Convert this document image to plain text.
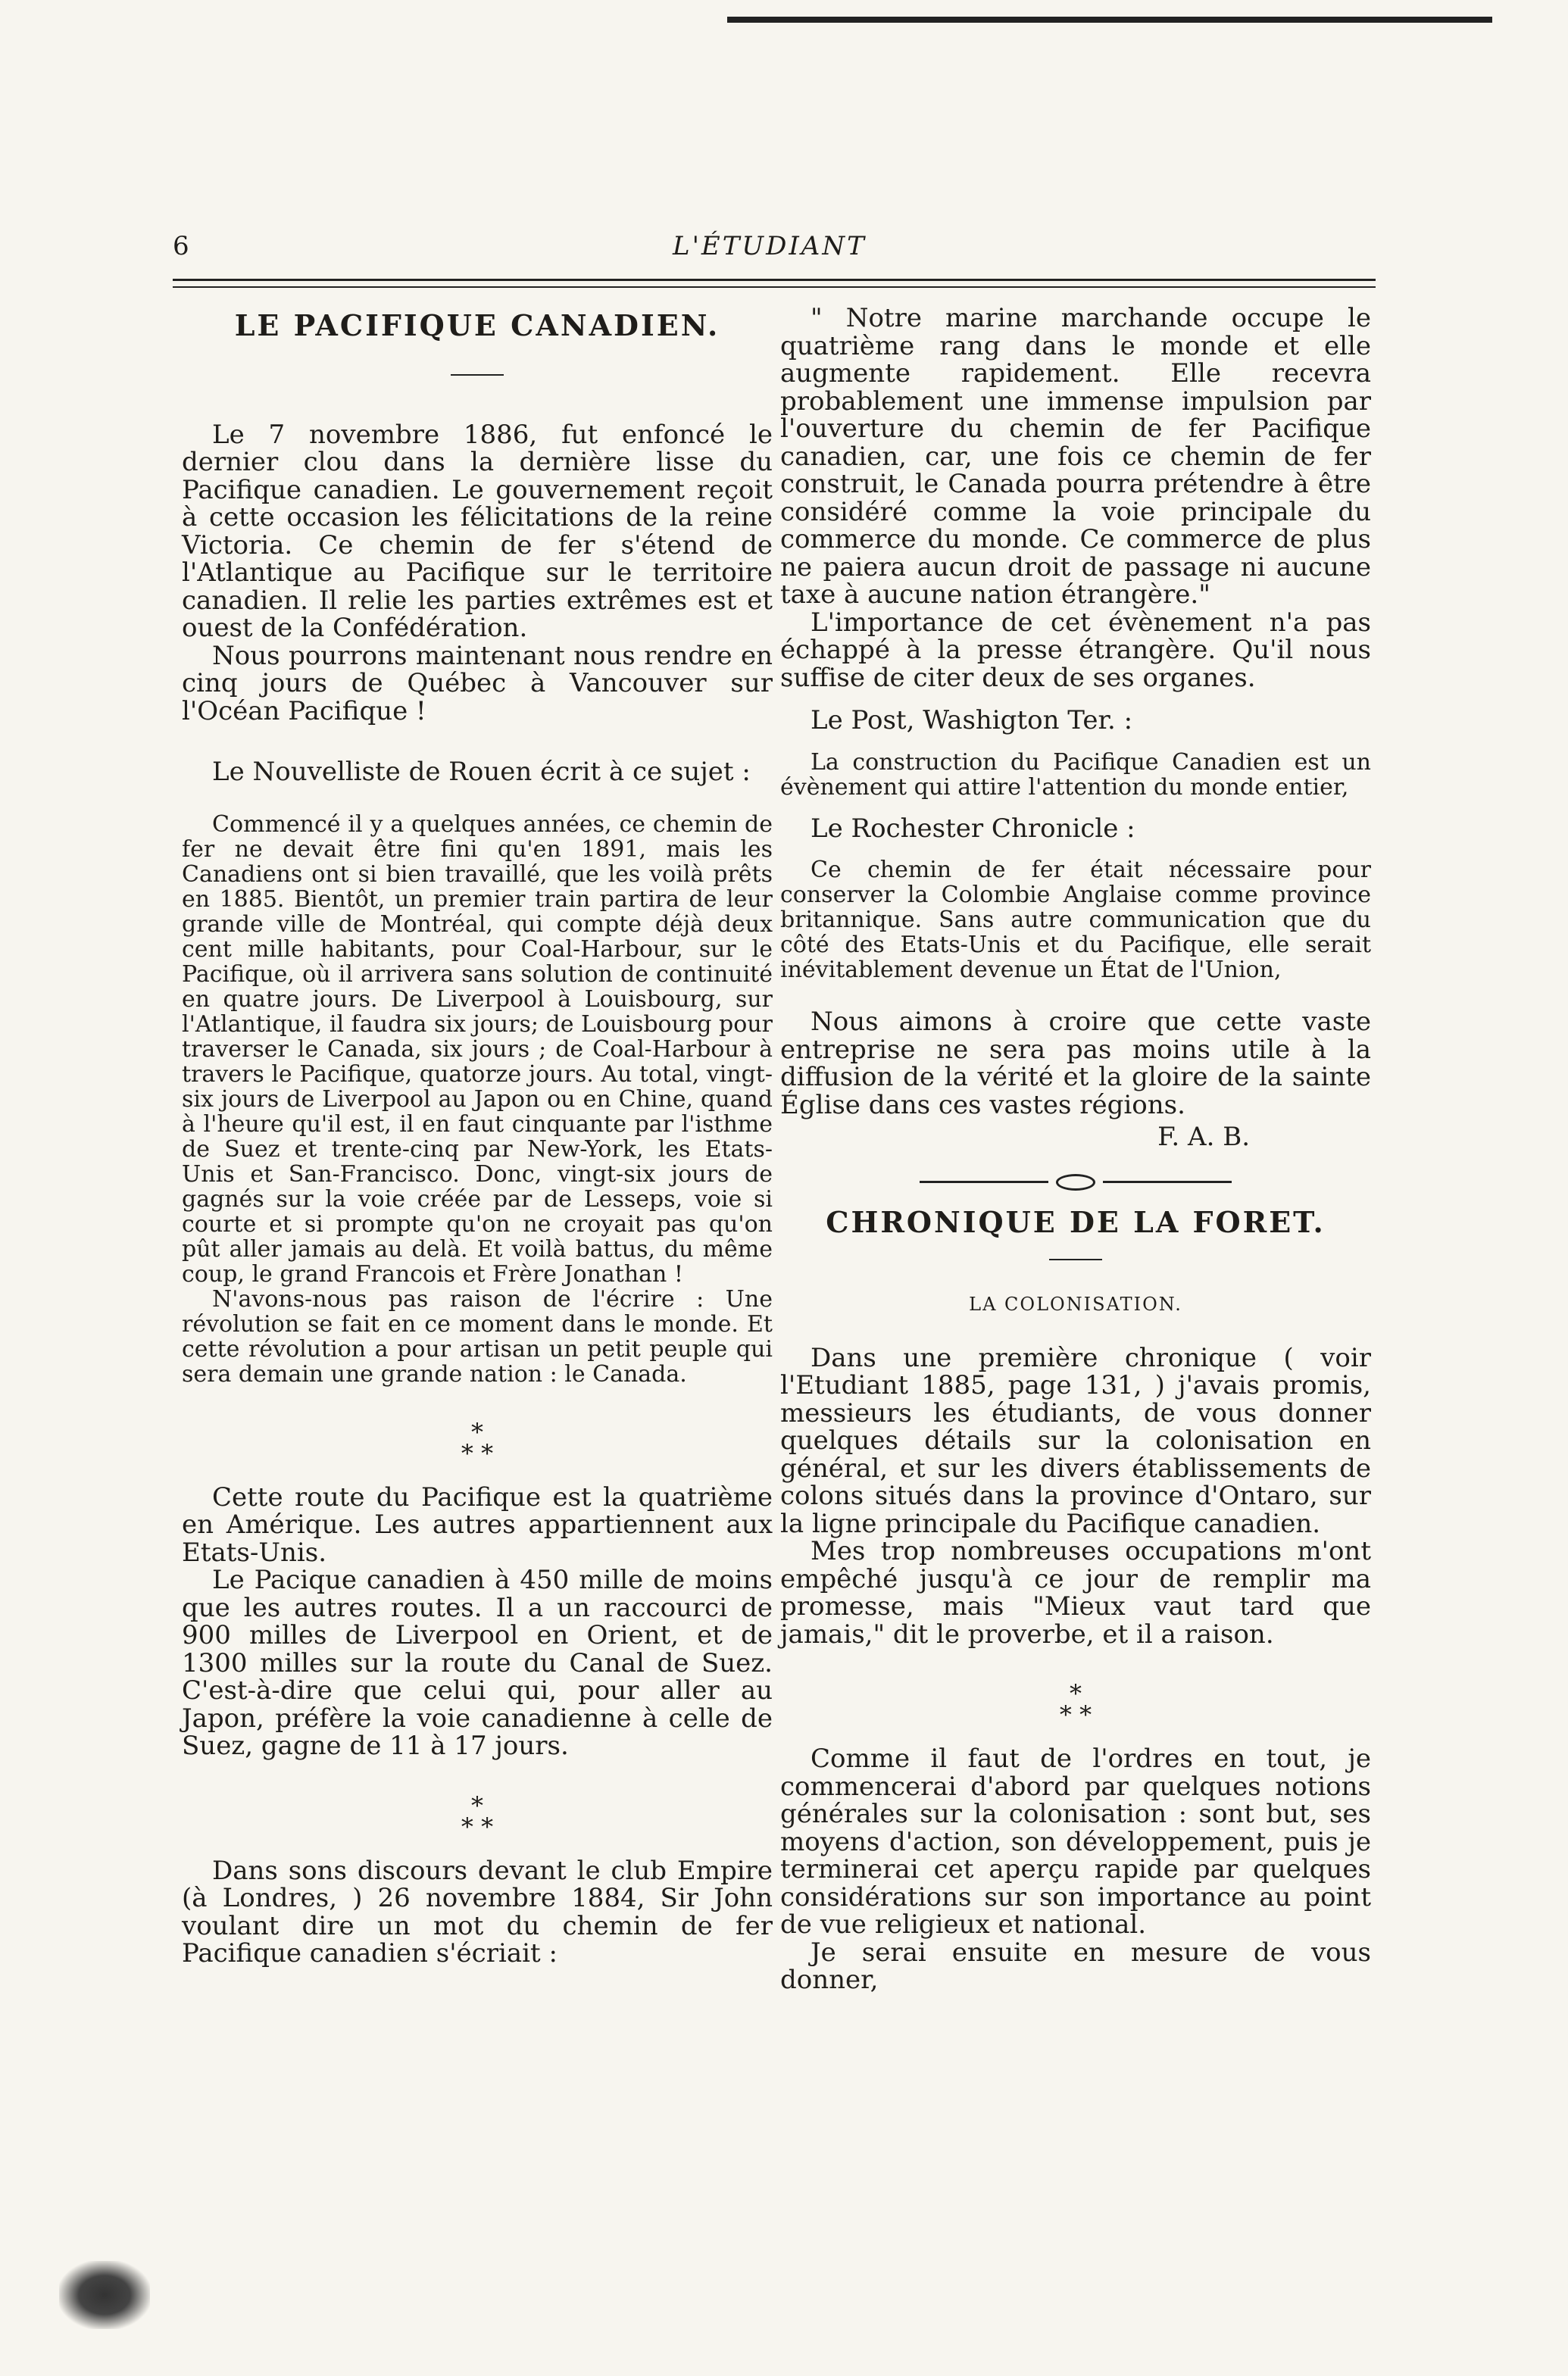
6	L'ÉTUDIANT
LE PACIFIQUE CANADIEN.

Le 7 novembre 1886, fut enfoncé le dernier clou dans la dernière lisse du Pacifique canadien. Le gouvernement reçoit à cette occasion les félicitations de la reine Victoria. Ce chemin de fer s'étend de l'Atlantique au Pacifique sur le territoire canadien. Il relie les parties extrêmes est et ouest de la Confédération.

Nous pourrons maintenant nous rendre en cinq jours de Québec à Vancouver sur l'Océan Pacifique !

Le Nouvelliste de Rouen écrit à ce sujet :

Commencé il y a quelques années, ce chemin de fer ne devait être fini qu'en 1891, mais les Canadiens ont si bien travaillé, que les voilà prêts en 1885. Bientôt, un premier train partira de leur grande ville de Montréal, qui compte déjà deux cent mille habitants, pour Coal-Harbour, sur le Pacifique, où il arrivera sans solution de continuité en quatre jours. De Liverpool à Louisbourg, sur l'Atlantique, il faudra six jours; de Louisbourg pour traverser le Canada, six jours ; de Coal-Harbour à travers le Pacifique, quatorze jours. Au total, vingt-six jours de Liverpool au Japon ou en Chine, quand à l'heure qu'il est, il en faut cinquante par l'isthme de Suez et trente-cinq par New-York, les Etats-Unis et San-Francisco. Donc, vingt-six jours de gagnés sur la voie créée par de Lesseps, voie si courte et si prompte qu'on ne croyait pas qu'on pût aller jamais au delà. Et voilà battus, du même coup, le grand Francois et Frère Jonathan !

N'avons-nous pas raison de l'écrire : Une révolution se fait en ce moment dans le monde. Et cette révolution a pour artisan un petit peuple qui sera demain une grande nation : le Canada.

*
* *

Cette route du Pacifique est la quatrième en Amérique. Les autres appartiennent aux Etats-Unis.

Le Pacique canadien à 450 mille de moins que les autres routes. Il a un raccourci de 900 milles de Liverpool en Orient, et de 1300 milles sur la route du Canal de Suez. C'est-à-dire que celui qui, pour aller au Japon, préfère la voie canadienne à celle de Suez, gagne de 11 à 17 jours.

*
* *

Dans sons discours devant le club Empire (à Londres, ) 26 novembre 1884, Sir John voulant dire un mot du chemin de fer Pacifique canadien s'écriait :

" Notre marine marchande occupe le quatrième rang dans le monde et elle augmente rapidement. Elle recevra probablement une immense impulsion par l'ouverture du chemin de fer Pacifique canadien, car, une fois ce chemin de fer construit, le Canada pourra prétendre à être considéré comme la voie principale du commerce du monde. Ce commerce de plus ne paiera aucun droit de passage ni aucune taxe à aucune nation étrangère."

L'importance de cet évènement n'a pas échappé à la presse étrangère. Qu'il nous suffise de citer deux de ses organes.

Le Post, Washigton Ter. :

La construction du Pacifique Canadien est un évènement qui attire l'attention du monde entier,

Le Rochester Chronicle :

Ce chemin de fer était nécessaire pour conserver la Colombie Anglaise comme province britannique. Sans autre communication que du côté des Etats-Unis et du Pacifique, elle serait inévitablement devenue un État de l'Union,

Nous aimons à croire que cette vaste entreprise ne sera pas moins utile à la diffusion de la vérité et la gloire de la sainte Église dans ces vastes régions.

F. A. B.

CHRONIQUE DE LA FORET.

LA COLONISATION.

Dans une première chronique ( voir l'Etudiant 1885, page 131, ) j'avais promis, messieurs les étudiants, de vous donner quelques détails sur la colonisation en général, et sur les divers établissements de colons situés dans la province d'Ontaro, sur la ligne principale du Pacifique canadien.

Mes trop nombreuses occupations m'ont empêché jusqu'à ce jour de remplir ma promesse, mais "Mieux vaut tard que jamais," dit le proverbe, et il a raison.

*
* *

Comme il faut de l'ordres en tout, je commencerai d'abord par quelques notions générales sur la colonisation : sont but, ses moyens d'action, son développement, puis je terminerai cet aperçu rapide par quelques considérations sur son importance au point de vue religieux et national.

Je serai ensuite en mesure de vous donner,
